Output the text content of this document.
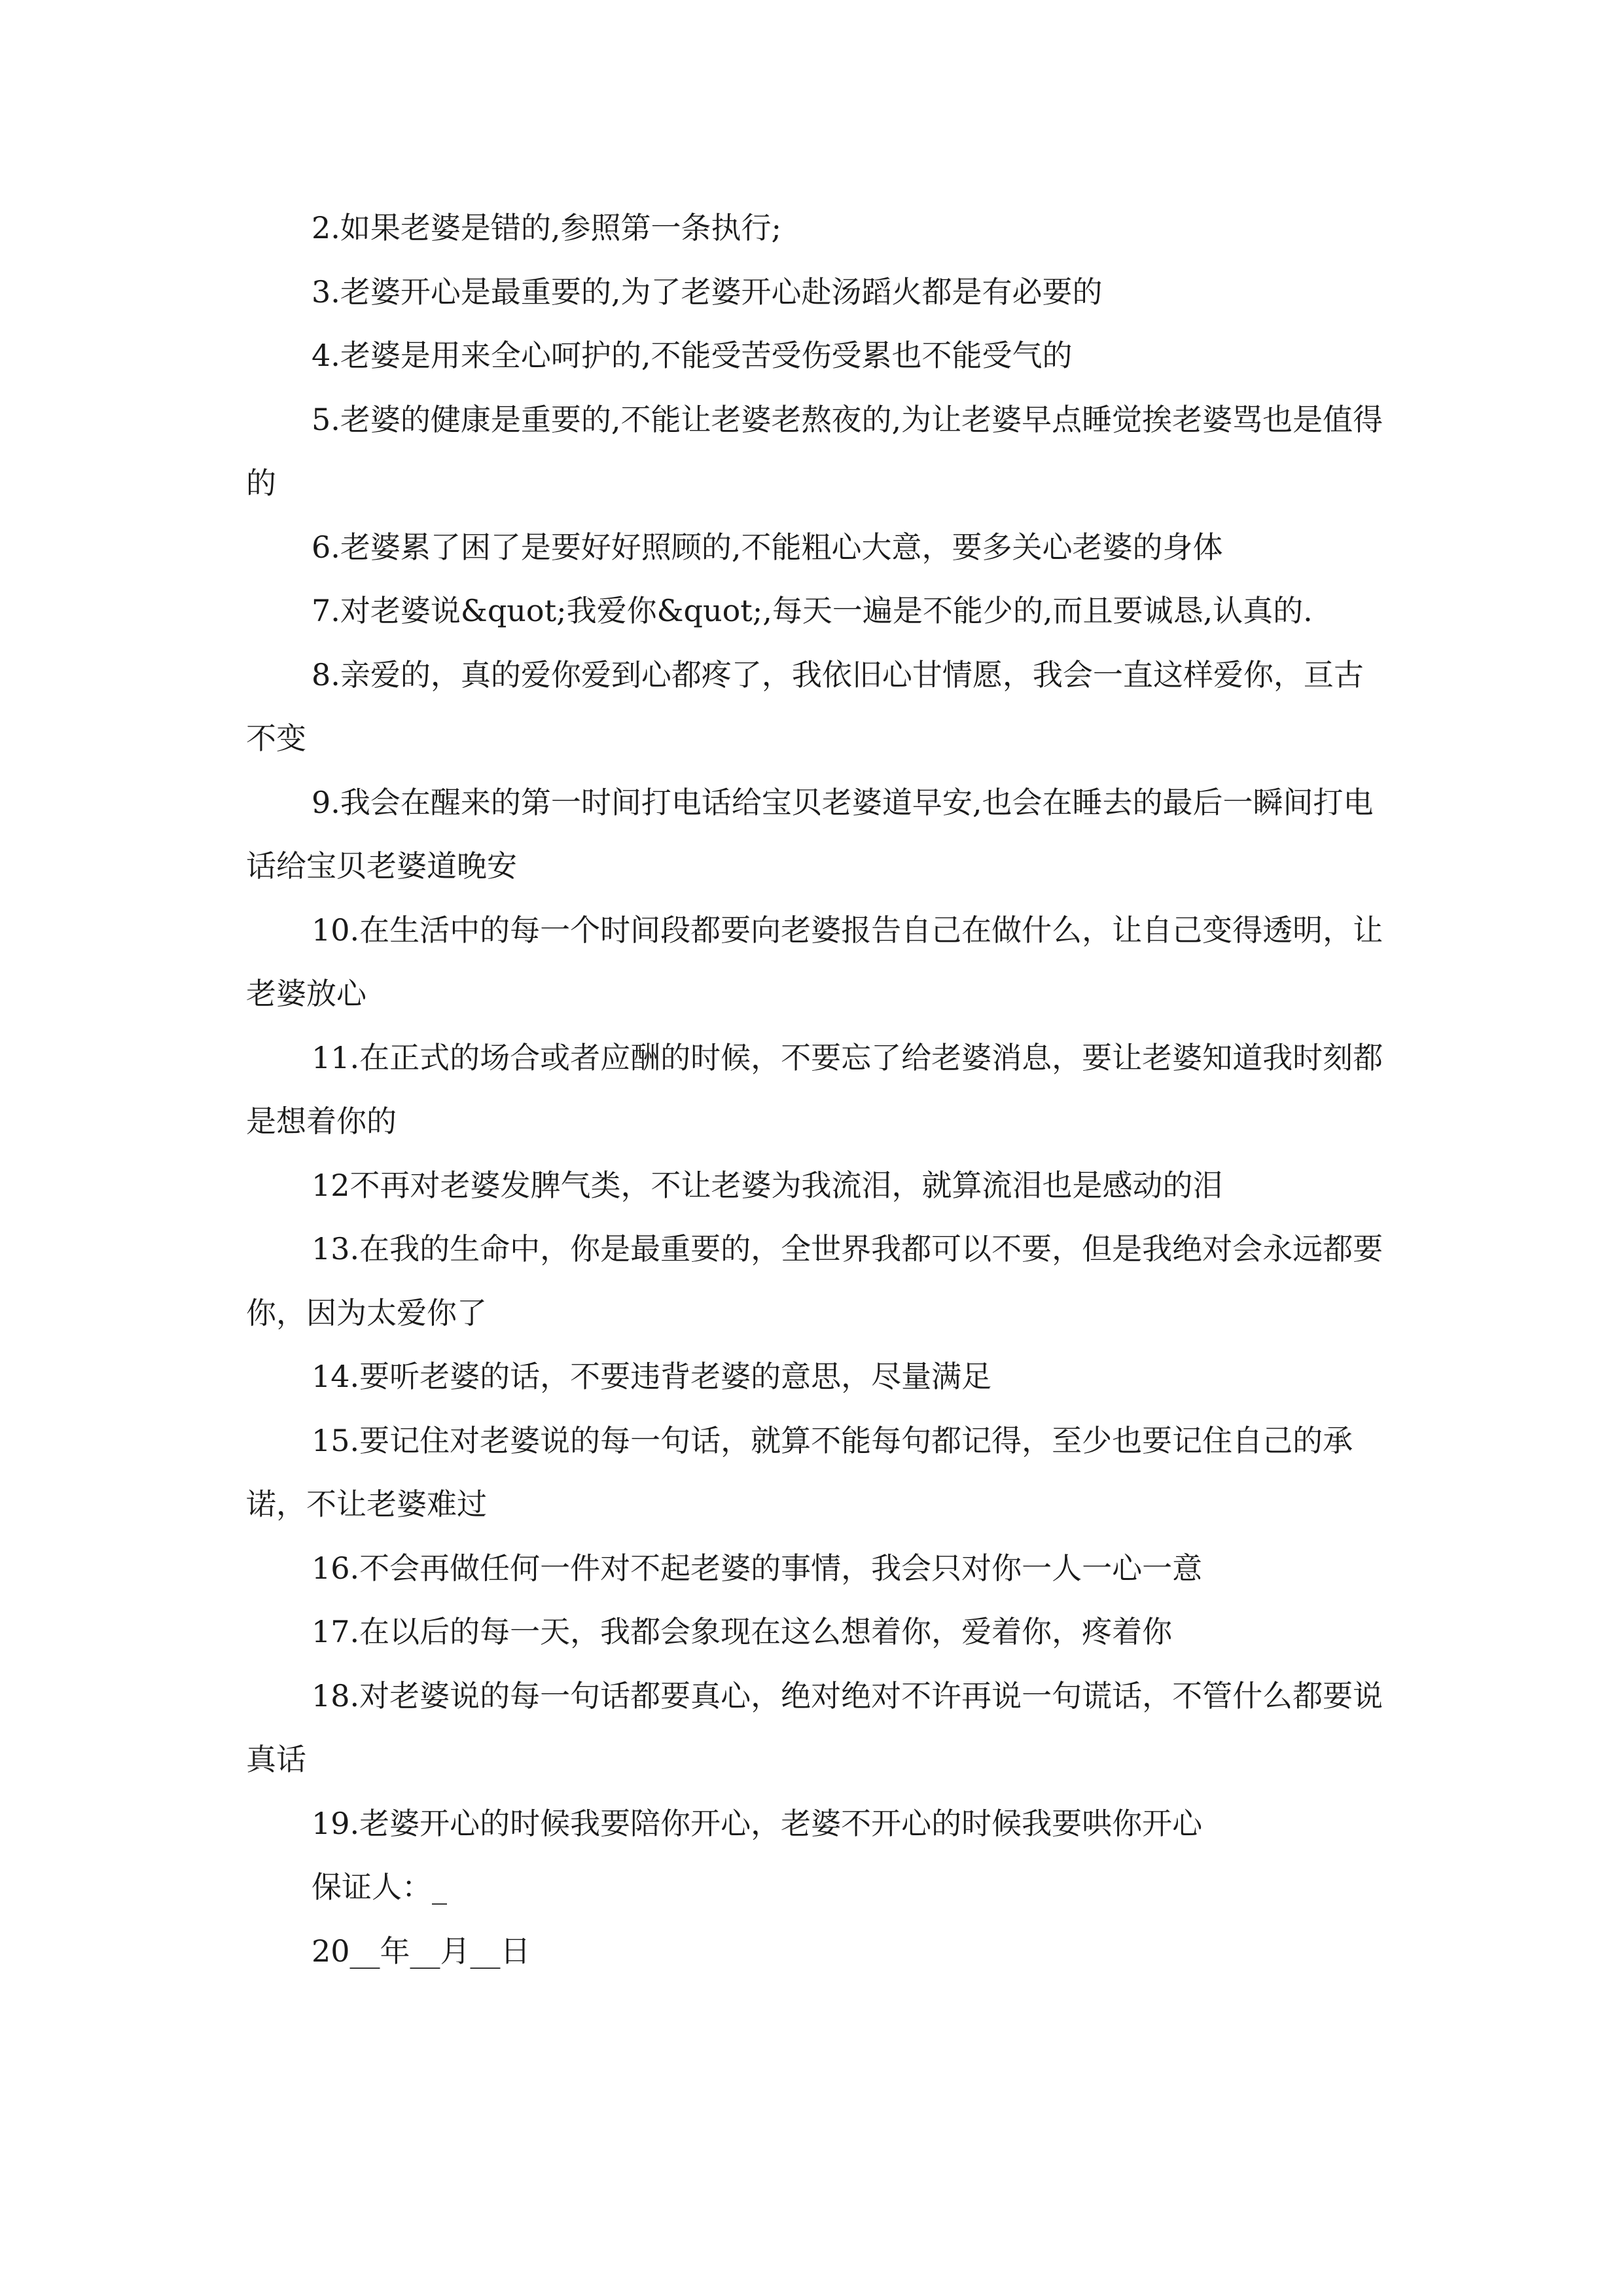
2.如果老婆是错的,参照第一条执行;

3.老婆开心是最重要的,为了老婆开心赴汤蹈火都是有必要的

4.老婆是用来全心呵护的,不能受苦受伤受累也不能受气的

5.老婆的健康是重要的,不能让老婆老熬夜的,为让老婆早点睡觉挨老婆骂也是值得的

6.老婆累了困了是要好好照顾的,不能粗心大意，要多关心老婆的身体

7.对老婆说&quot;我爱你&quot;,每天一遍是不能少的,而且要诚恳,认真的.

8.亲爱的，真的爱你爱到心都疼了，我依旧心甘情愿，我会一直这样爱你，亘古不变

9.我会在醒来的第一时间打电话给宝贝老婆道早安,也会在睡去的最后一瞬间打电话给宝贝老婆道晚安

10.在生活中的每一个时间段都要向老婆报告自己在做什么，让自己变得透明，让老婆放心

11.在正式的场合或者应酬的时候，不要忘了给老婆消息，要让老婆知道我时刻都是想着你的

12不再对老婆发脾气类，不让老婆为我流泪，就算流泪也是感动的泪

13.在我的生命中，你是最重要的，全世界我都可以不要，但是我绝对会永远都要你，因为太爱你了

14.要听老婆的话，不要违背老婆的意思，尽量满足

15.要记住对老婆说的每一句话，就算不能每句都记得，至少也要记住自己的承诺，不让老婆难过

16.不会再做任何一件对不起老婆的事情，我会只对你一人一心一意

17.在以后的每一天，我都会象现在这么想着你，爱着你，疼着你

18.对老婆说的每一句话都要真心，绝对绝对不许再说一句谎话，不管什么都要说真话

19.老婆开心的时候我要陪你开心，老婆不开心的时候我要哄你开心

保证人：_

20__年__月__日
